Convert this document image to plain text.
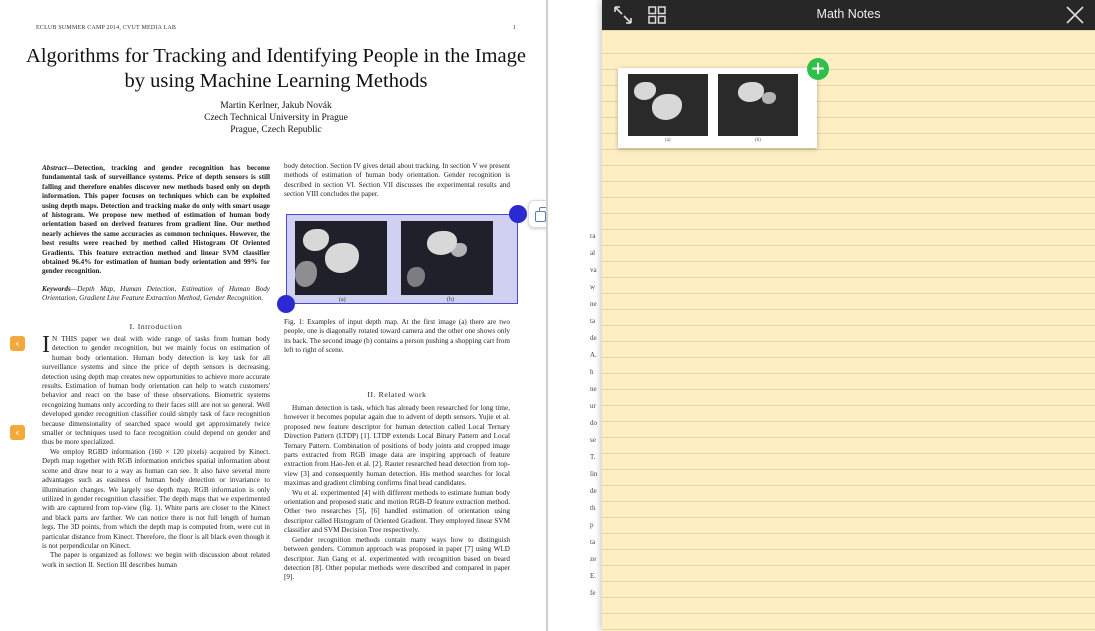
ECLUB SUMMER CAMP 2014, CVUT MEDIA LAB	1
Algorithms for Tracking and Identifying People in the Image by using Machine Learning Methods
Martin Kerlner, Jakub Novák
Czech Technical University in Prague
Prague, Czech Republic
Abstract—Detection, tracking and gender recognition has become fundamental task of surveillance systems. Price of depth sensors is still falling and therefore enables discover new methods based only on depth information. This paper focuses on techniques which can be exploited using depth maps. Detection and tracking make do only with smart usage of histogram. We propose new method of estimation of human body orientation based on derived features from gradient line. Our method nearly achieves the same accuracies as common techniques. However, the best results were reached by method called Histogram Of Oriented Gradients. This feature extraction method and linear SVM classifier obtained 96.4% for estimation of human body orientation and 99% for gender recognition.
Keywords—Depth Map, Human Detection, Estimation of Human Body Orientation, Gradient Line Feature Extraction Method, Gender Recognition.
I. Introduction
I N THIS paper we deal with wide range of tasks from human body detection to gender recognition, but we mainly focus on estimation of human body orientation. Human body detection is key task for all surveillance systems and since the price of depth sensors is decreasing, detection using depth map creates new opportunities to achieve more accurate results. Estimation of human body orientation can help to watch customers' behavior and react on the base of these observations. Biometric systems recognizing humans only according to their faces still are not so general. Well developed gender recognition classifier could simply task of face recognition because dimensionality of searched space would get approximately twice smaller or techniques used to face recognition could depend on gender and thus be more specialized.
We employ RGBD information (160 × 120 pixels) acquired by Kinect. Depth map together with RGB information enriches spatial information about scene and draw near to a way as human can see. It also have several more advantages such as easiness of human body detection or invariance to illumination changes. We largely use depth map, RGB information is only utilized in gender recognition classifier. The depth maps that we experimented with are captured from top-view (fig. 1). White parts are closer to the Kinect and black parts are farther. We can notice there is not full length of human legs. The 3D points, from which the depth map is computed from, were cut in particular distance from Kinect. Therefore, the floor is all black even though it is not perpendicular on Kinect.
The paper is organized as follows: we begin with discussion about related work in section II. Section III describes human
body detection. Section IV gives detail about tracking. In section V we present methods of estimation of human body orientation. Gender recognition is described in section VI. Section VII discusses the experimental results and section VIII concludes the paper.
(a)	(b)
Fig. 1: Examples of input depth map. At the first image (a) there are two people, one is diagonally rotated toward camera and the other one shows only its back. The second image (b) contains a person pushing a shopping cart from left to right of scene.
II. Related work
Human detection is task, which has already been researched for long time, however it becomes popular again due to advent of depth sensors. Yujie et al. proposed new feature descriptor for human detection called Local Ternary Direction Pattern (LTDP) [1]. LTDP extends Local Binary Pattern and Local Ternary Pattern. Combination of positions of body joints and cropped image parts extracted from RGB image data are inspiring approach of feature extraction from Hao-Jen et al. [2]. Rauter researched head detection from top-view [3] and consequently human detection. His method searches for local maximas and gradient climbing confirms final head candidates.
Wu et al. experimented [4] with different methods to estimate human body orientation and proposed static and motion RGB-D feature extraction method. Other two researches [5], [6] handled estimation of orientation using descriptor called Histogram of Oriented Gradient. They employed linear SVM classifier and SVM Decision Tree respectively.
Gender recognition methods contain many ways how to distinguish between genders. Common approach was proposed in paper [7] using WLD descriptor. Jian Gang et al. experimented with recognition based on beard detection [8]. Other popular methods were described and compared in paper [9].
‹
‹
ra
al
va
w
ne
ta
de
A.
h
ne
ur
do
se
T.
lin
de
th
p
ta
ze
E.
fe
Math Notes
(a)	(b)
+
